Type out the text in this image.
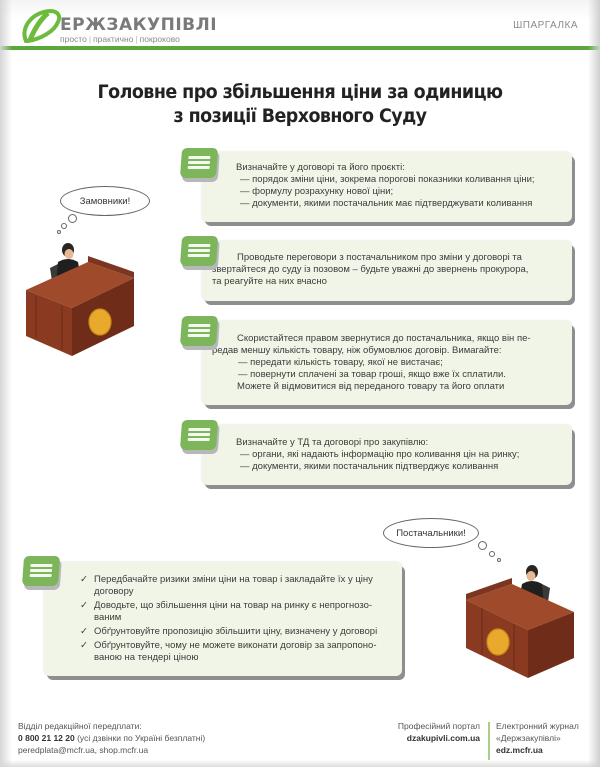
ЕРЖЗАКУПІВЛІ
просто | практично | покроково
ШПАРГАЛКА
Головне про збільшення ціни за одиницю
з позиції Верховного Суду
Замовники!
Визначайте у договорі та його проєкті:
— порядок зміни ціни, зокрема порогові показники коливання ціни;
— формулу розрахунку нової ціни;
— документи, якими постачальник має підтверджувати коливання
Проводьте переговори з постачальником про зміни у договорі та
звертайтеся до суду із позовом – будьте уважні до звернень прокурора,
та реагуйте на них вчасно
Скористайтеся правом звернутися до постачальника, якщо він пе-
редав меншу кількість товару, ніж обумовлює договір. Вимагайте:
— передати кількість товару, якої не вистачає;
— повернути сплачені за товар гроші, якщо вже їх сплатили.
Можете й відмовитися від переданого товару та його оплати
Визначайте у ТД та договорі про закупівлю:
— органи, які надають інформацію про коливання цін на ринку;
— документи, якими постачальник підтверджує коливання
Постачальники!
✓ Передбачайте ризики зміни ціни на товар і закладайте їх у ціну
договору
✓ Доводьте, що збільшення ціни на товар на ринку є непрогнозо-
ваним
✓ Обґрунтовуйте пропозицію збільшити ціну, визначену у договорі
✓ Обґрунтовуйте, чому не можете виконати договір за запропоно-
ваною на тендері ціною
Відділ редакційної передплати:
0 800 21 12 20 (усі дзвінки по Україні безплатні)
peredplata@mcfr.ua, shop.mcfr.ua
Професійний портал
dzakupivli.com.ua
Електронний журнал
«Держзакупівлі»
edz.mcfr.ua
